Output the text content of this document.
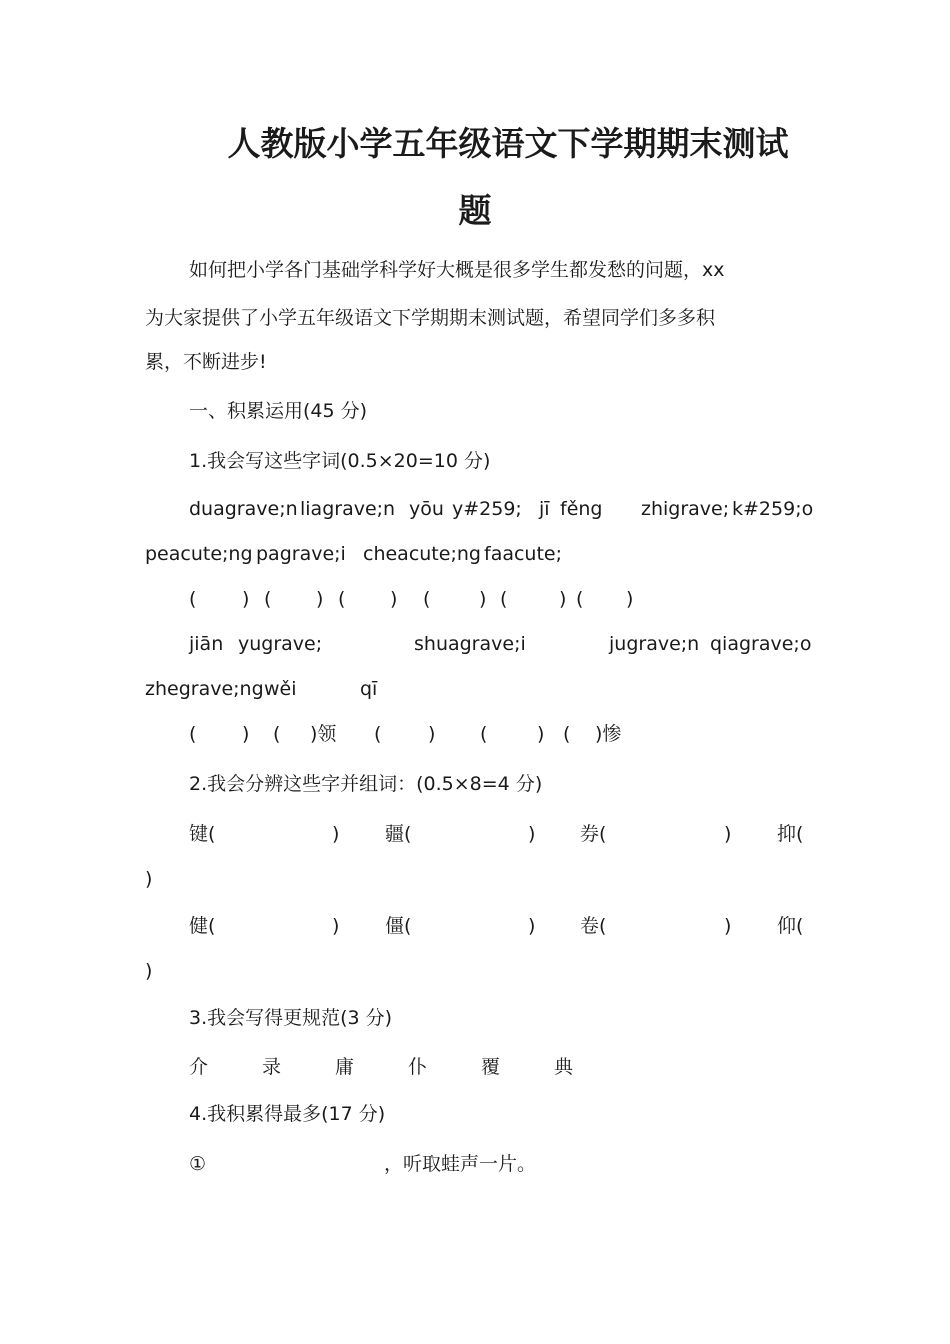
人教版小学五年级语文下学期期末测试
题
如何把小学各门基础学科学好大概是很多学生都发愁的问题，xx
为大家提供了小学五年级语文下学期期末测试题，希望同学们多多积
累，不断进步!
一、积累运用(45 分)
1.我会写这些字词(0.5×20=10 分)
duagrave;n liagrave;n yōu y#259; jī fěng zhigrave; k#259;o
peacute;ng pagrave;i cheacute;ng faacute;
( ) ( ) ( ) (	) (	) ( )
jiān yugrave;	shuagrave;i	jugrave;n qiagrave;o
zhegrave;ng wěi	qī
( ) ( )领 ( ) (	) ( )惨
2.我会分辨这些字并组词：(0.5×8=4 分)
键(	) 疆(	) 券(	) 抑(
)
健(	) 僵(	) 卷(	) 仰(
)
3.我会写得更规范(3 分)
介	录	庸	仆	覆	典
4.我积累得最多(17 分)
①	，听取蛙声一片。
